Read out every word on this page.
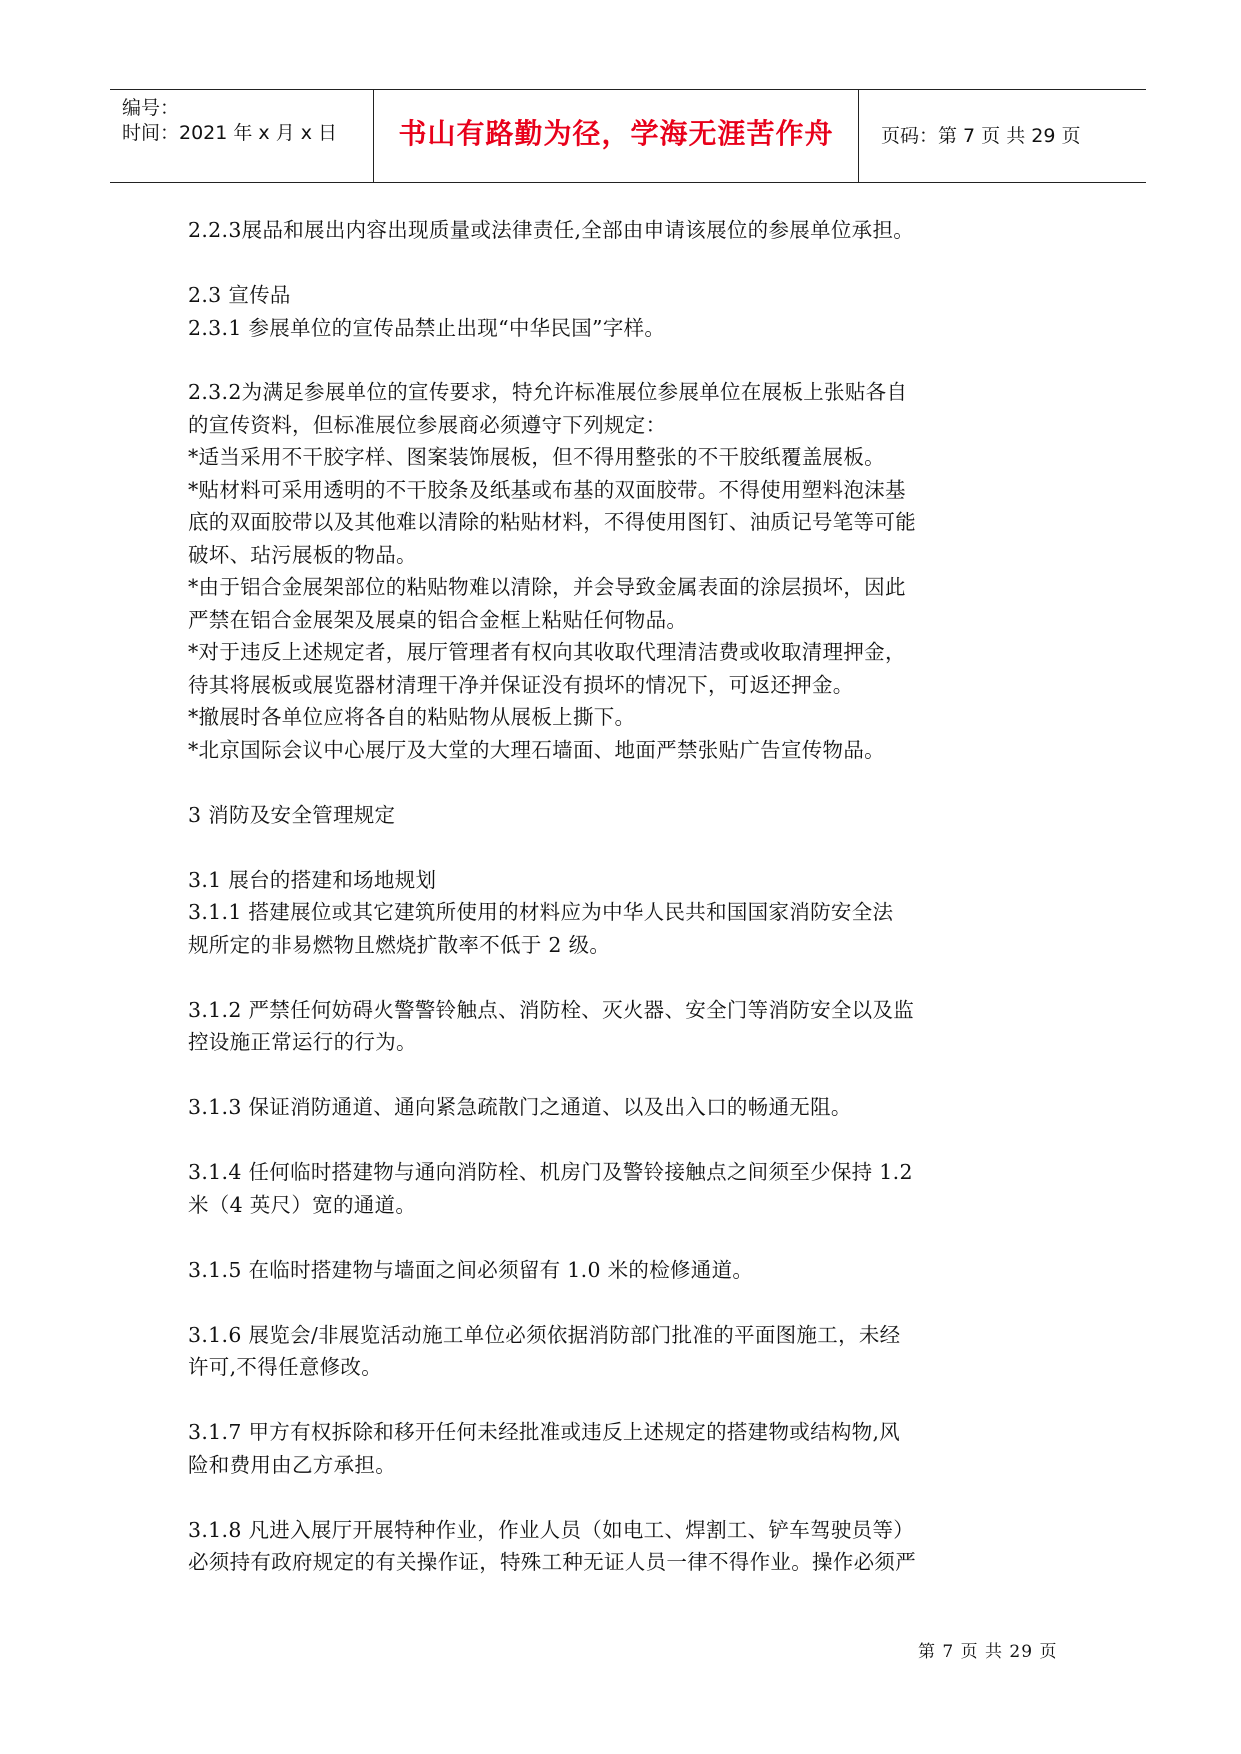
编号：
时间：2021 年 x 月 x 日 书山有路勤为径，学海无涯苦作舟	页码：第 7 页 共 29 页
2.2.3展品和展出内容出现质量或法律责任,全部由申请该展位的参展单位承担。
2.3 宣传品
2.3.1 参展单位的宣传品禁止出现“中华民国”字样。
2.3.2为满足参展单位的宣传要求，特允许标准展位参展单位在展板上张贴各自
的宣传资料，但标准展位参展商必须遵守下列规定：
*适当采用不干胶字样、图案装饰展板，但不得用整张的不干胶纸覆盖展板。
*贴材料可采用透明的不干胶条及纸基或布基的双面胶带。不得使用塑料泡沫基
底的双面胶带以及其他难以清除的粘贴材料，不得使用图钉、油质记号笔等可能
破坏、玷污展板的物品。
*由于铝合金展架部位的粘贴物难以清除，并会导致金属表面的涂层损坏，因此
严禁在铝合金展架及展桌的铝合金框上粘贴任何物品。
*对于违反上述规定者，展厅管理者有权向其收取代理清洁费或收取清理押金，
待其将展板或展览器材清理干净并保证没有损坏的情况下，可返还押金。
*撤展时各单位应将各自的粘贴物从展板上撕下。
*北京国际会议中心展厅及大堂的大理石墙面、地面严禁张贴广告宣传物品。
3 消防及安全管理规定
3.1 展台的搭建和场地规划
3.1.1 搭建展位或其它建筑所使用的材料应为中华人民共和国国家消防安全法
规所定的非易燃物且燃烧扩散率不低于 2 级。
3.1.2 严禁任何妨碍火警警铃触点、消防栓、灭火器、安全门等消防安全以及监
控设施正常运行的行为。
3.1.3 保证消防通道、通向紧急疏散门之通道、以及出入口的畅通无阻。
3.1.4 任何临时搭建物与通向消防栓、机房门及警铃接触点之间须至少保持 1.2
米（4 英尺）宽的通道。
3.1.5 在临时搭建物与墙面之间必须留有 1.0 米的检修通道。
3.1.6 展览会/非展览活动施工单位必须依据消防部门批准的平面图施工，未经
许可,不得任意修改。
3.1.7 甲方有权拆除和移开任何未经批准或违反上述规定的搭建物或结构物,风
险和费用由乙方承担。
3.1.8 凡进入展厅开展特种作业，作业人员（如电工、焊割工、铲车驾驶员等）
必须持有政府规定的有关操作证，特殊工种无证人员一律不得作业。操作必须严
第 7 页 共 29 页
